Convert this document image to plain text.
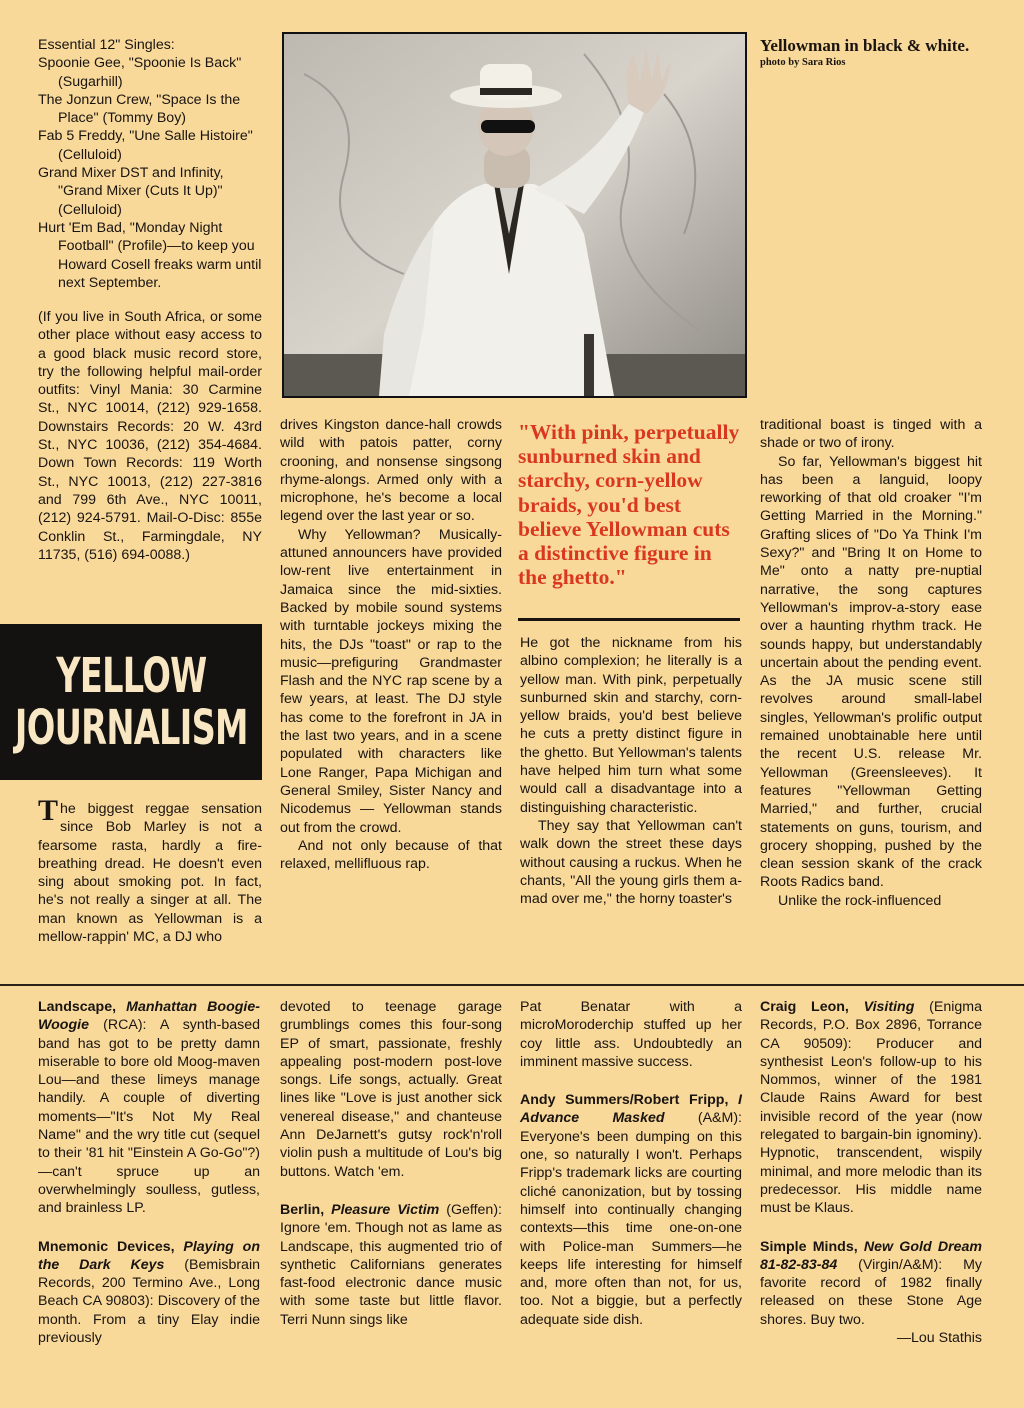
Essential 12" Singles:
Spoonie Gee, "Spoonie Is Back" (Sugarhill)
The Jonzun Crew, "Space Is the Place" (Tommy Boy)
Fab 5 Freddy, "Une Salle Histoire" (Celluloid)
Grand Mixer DST and Infinity, "Grand Mixer (Cuts It Up)" (Celluloid)
Hurt 'Em Bad, "Monday Night Football" (Profile)—to keep you Howard Cosell freaks warm until next September.
(If you live in South Africa, or some other place without easy access to a good black music record store, try the following helpful mail-order outfits: Vinyl Mania: 30 Carmine St., NYC 10014, (212) 929-1658. Downstairs Records: 20 W. 43rd St., NYC 10036, (212) 354-4684. Down Town Records: 119 Worth St., NYC 10013, (212) 227-3816 and 799 6th Ave., NYC 10011, (212) 924-5791. Mail-O-Disc: 855e Conklin St., Farmingdale, NY 11735, (516) 694-0088.)
Yellowman in black & white.
photo by Sara Rios
YELLOW
JOURNALISM
The biggest reggae sensation since Bob Marley is not a fearsome rasta, hardly a fire-breathing dread. He doesn't even sing about smoking pot. In fact, he's not really a singer at all. The man known as Yellowman is a mellow-rappin' MC, a DJ who

drives Kingston dance-hall crowds wild with patois patter, corny crooning, and nonsense singsong rhyme-alongs. Armed only with a microphone, he's become a local legend over the last year or so.

Why Yellowman? Musically-attuned announcers have provided low-rent live entertainment in Jamaica since the mid-sixties. Backed by mobile sound systems with turntable jockeys mixing the hits, the DJs "toast" or rap to the music—prefiguring Grandmaster Flash and the NYC rap scene by a few years, at least. The DJ style has come to the forefront in JA in the last two years, and in a scene populated with characters like Lone Ranger, Papa Michigan and General Smiley, Sister Nancy and Nicodemus — Yellowman stands out from the crowd.

And not only because of that relaxed, mellifluous rap.

"With pink, perpetually sunburned skin and starchy, corn-yellow braids, you'd best believe Yellowman cuts a distinctive figure in the ghetto."

He got the nickname from his albino complexion; he literally is a yellow man. With pink, perpetually sunburned skin and starchy, corn-yellow braids, you'd best believe he cuts a pretty distinct figure in the ghetto. But Yellowman's talents have helped him turn what some would call a disadvantage into a distinguishing characteristic.

They say that Yellowman can't walk down the street these days without causing a ruckus. When he chants, "All the young girls them a-mad over me," the horny toaster's

traditional boast is tinged with a shade or two of irony.

So far, Yellowman's biggest hit has been a languid, loopy reworking of that old croaker "I'm Getting Married in the Morning." Grafting slices of "Do Ya Think I'm Sexy?" and "Bring It on Home to Me" onto a natty pre-nuptial narrative, the song captures Yellowman's improv-a-story ease over a haunting rhythm track. He sounds happy, but understandably uncertain about the pending event. As the JA music scene still revolves around small-label singles, Yellowman's prolific output remained unobtainable here until the recent U.S. release Mr. Yellowman (Greensleeves). It features "Yellowman Getting Married," and further, crucial statements on guns, tourism, and grocery shopping, pushed by the clean session skank of the crack Roots Radics band.

Unlike the rock-influenced

Landscape, Manhattan Boogie-Woogie (RCA): A synth-based band has got to be pretty damn miserable to bore old Moog-maven Lou—and these limeys manage handily. A couple of diverting moments—"It's Not My Real Name" and the wry title cut (sequel to their '81 hit "Einstein A Go-Go"?)—can't spruce up an overwhelmingly soulless, gutless, and brainless LP.

Mnemonic Devices, Playing on the Dark Keys (Bemisbrain Records, 200 Termino Ave., Long Beach CA 90803): Discovery of the month. From a tiny Elay indie previously

devoted to teenage garage grumblings comes this four-song EP of smart, passionate, freshly appealing post-modern post-love songs. Life songs, actually. Great lines like "Love is just another sick venereal disease," and chanteuse Ann DeJarnett's gutsy rock'n'roll violin push a multitude of Lou's big buttons. Watch 'em.

Berlin, Pleasure Victim (Geffen): Ignore 'em. Though not as lame as Landscape, this augmented trio of synthetic Californians generates fast-food electronic dance music with some taste but little flavor. Terri Nunn sings like

Pat Benatar with a microMoroderchip stuffed up her coy little ass. Undoubtedly an imminent massive success.

Andy Summers/Robert Fripp, I Advance Masked (A&M): Everyone's been dumping on this one, so naturally I won't. Perhaps Fripp's trademark licks are courting cliché canonization, but by tossing himself into continually changing contexts—this time one-on-one with Police-man Summers—he keeps life interesting for himself and, more often than not, for us, too. Not a biggie, but a perfectly adequate side dish.

Craig Leon, Visiting (Enigma Records, P.O. Box 2896, Torrance CA 90509): Producer and synthesist Leon's follow-up to his Nommos, winner of the 1981 Claude Rains Award for best invisible record of the year (now relegated to bargain-bin ignominy). Hypnotic, transcendent, wispily minimal, and more melodic than its predecessor. His middle name must be Klaus.

Simple Minds, New Gold Dream 81-82-83-84 (Virgin/A&M): My favorite record of 1982 finally released on these Stone Age shores. Buy two.

—Lou Stathis
